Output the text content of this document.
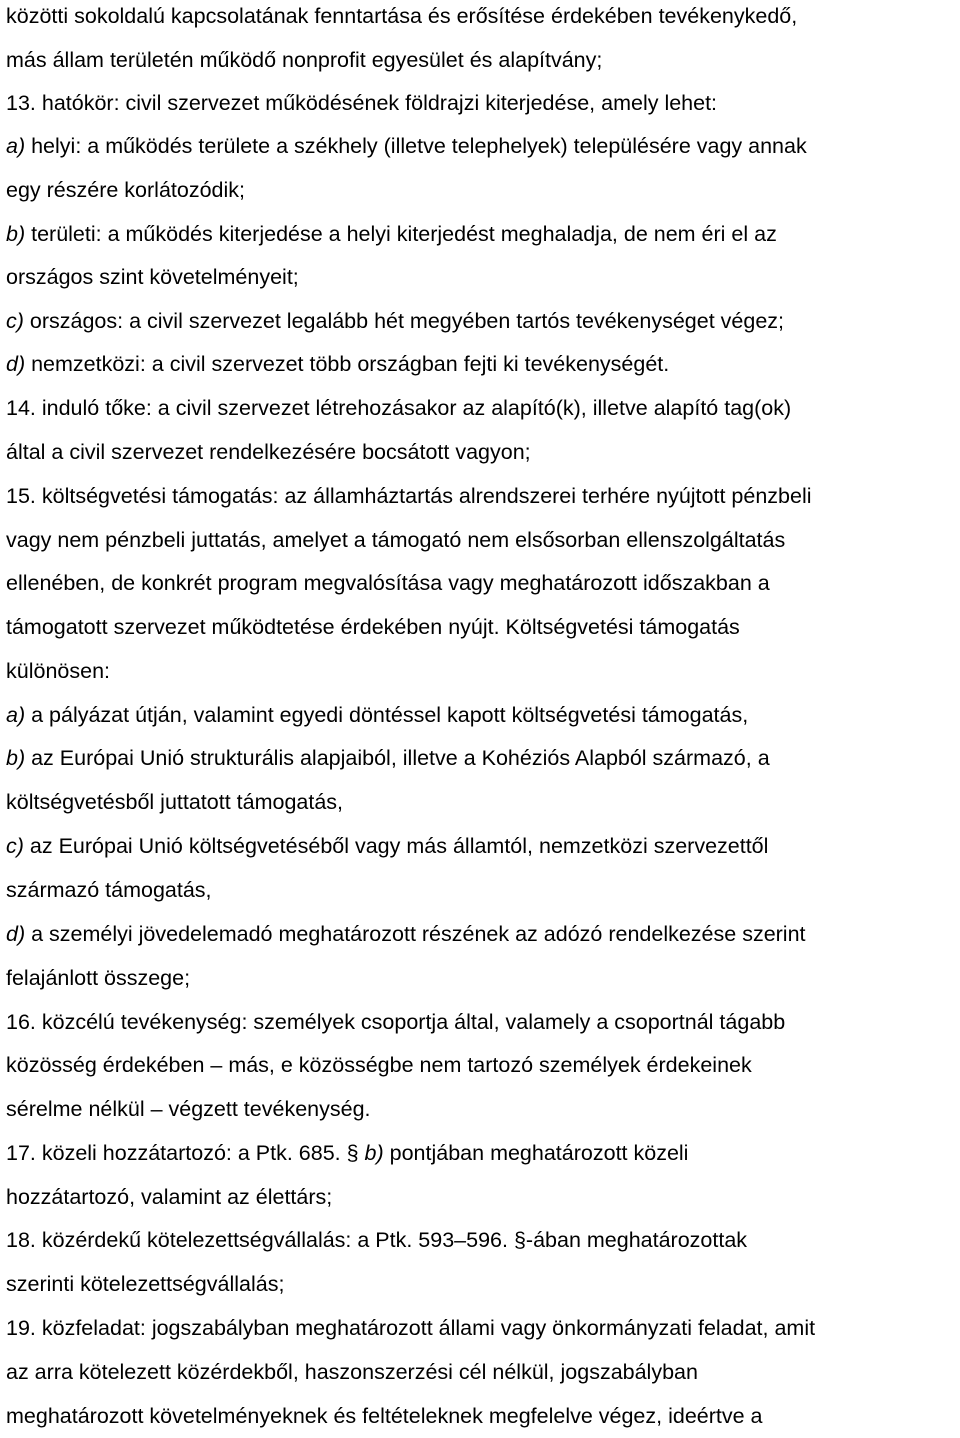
közötti sokoldalú kapcsolatának fenntartása és erősítése érdekében tevékenykedő,
más állam területén működő nonprofit egyesület és alapítvány;
13. hatókör: civil szervezet működésének földrajzi kiterjedése, amely lehet:
a) helyi: a működés területe a székhely (illetve telephelyek) településére vagy annak
egy részére korlátozódik;
b) területi: a működés kiterjedése a helyi kiterjedést meghaladja, de nem éri el az
országos szint követelményeit;
c) országos: a civil szervezet legalább hét megyében tartós tevékenységet végez;
d) nemzetközi: a civil szervezet több országban fejti ki tevékenységét.
14. induló tőke: a civil szervezet létrehozásakor az alapító(k), illetve alapító tag(ok)
által a civil szervezet rendelkezésére bocsátott vagyon;
15. költségvetési támogatás: az államháztartás alrendszerei terhére nyújtott pénzbeli
vagy nem pénzbeli juttatás, amelyet a támogató nem elsősorban ellenszolgáltatás
ellenében, de konkrét program megvalósítása vagy meghatározott időszakban a
támogatott szervezet működtetése érdekében nyújt. Költségvetési támogatás
különösen:
a) a pályázat útján, valamint egyedi döntéssel kapott költségvetési támogatás,
b) az Európai Unió strukturális alapjaiból, illetve a Kohéziós Alapból származó, a
költségvetésből juttatott támogatás,
c) az Európai Unió költségvetéséből vagy más államtól, nemzetközi szervezettől
származó támogatás,
d) a személyi jövedelemadó meghatározott részének az adózó rendelkezése szerint
felajánlott összege;
16. közcélú tevékenység: személyek csoportja által, valamely a csoportnál tágabb
közösség érdekében – más, e közösségbe nem tartozó személyek érdekeinek
sérelme nélkül – végzett tevékenység.
17. közeli hozzátartozó: a Ptk. 685. § b) pontjában meghatározott közeli
hozzátartozó, valamint az élettárs;
18. közérdekű kötelezettségvállalás: a Ptk. 593–596. §-ában meghatározottak
szerinti kötelezettségvállalás;
19. közfeladat: jogszabályban meghatározott állami vagy önkormányzati feladat, amit
az arra kötelezett közérdekből, haszonszerzési cél nélkül, jogszabályban
meghatározott követelményeknek és feltételeknek megfelelve végez, ideértve a
